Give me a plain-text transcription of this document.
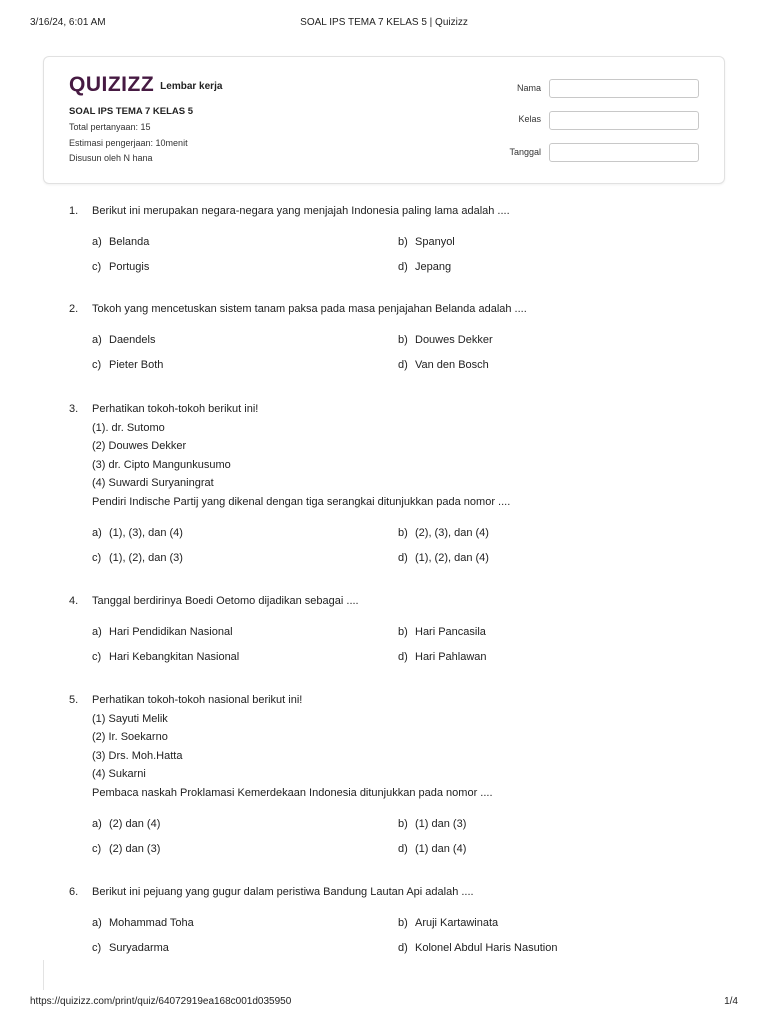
3/16/24, 6:01 AM	SOAL IPS TEMA 7 KELAS 5 | Quizizz
QUIZIZZ Lembar kerja
SOAL IPS TEMA 7 KELAS 5
Total pertanyaan: 15
Estimasi pengerjaan: 10menit
Disusun oleh N hana
Nama
Kelas
Tanggal
1. Berikut ini merupakan negara-negara yang menjajah Indonesia paling lama adalah ....
a) Belanda	b) Spanyol
c) Portugis	d) Jepang
2. Tokoh yang mencetuskan sistem tanam paksa pada masa penjajahan Belanda adalah ....
a) Daendels	b) Douwes Dekker
c) Pieter Both	d) Van den Bosch
3. Perhatikan tokoh-tokoh berikut ini!
(1). dr. Sutomo
(2) Douwes Dekker
(3) dr. Cipto Mangunkusumo
(4) Suwardi Suryaningrat
Pendiri Indische Partij yang dikenal dengan tiga serangkai ditunjukkan pada nomor ....
a) (1), (3), dan (4)	b) (2), (3), dan (4)
c) (1), (2), dan (3)	d) (1), (2), dan (4)
4. Tanggal berdirinya Boedi Oetomo dijadikan sebagai ....
a) Hari Pendidikan Nasional	b) Hari Pancasila
c) Hari Kebangkitan Nasional	d) Hari Pahlawan
5. Perhatikan tokoh-tokoh nasional berikut ini!
(1) Sayuti Melik
(2) Ir. Soekarno
(3) Drs. Moh.Hatta
(4) Sukarni
Pembaca naskah Proklamasi Kemerdekaan Indonesia ditunjukkan pada nomor ....
a) (2) dan (4)	b) (1) dan (3)
c) (2) dan (3)	d) (1) dan (4)
6. Berikut ini pejuang yang gugur dalam peristiwa Bandung Lautan Api adalah ....
a) Mohammad Toha	b) Aruji Kartawinata
c) Suryadarma	d) Kolonel Abdul Haris Nasution
https://quizizz.com/print/quiz/64072919ea168c001d035950	1/4
